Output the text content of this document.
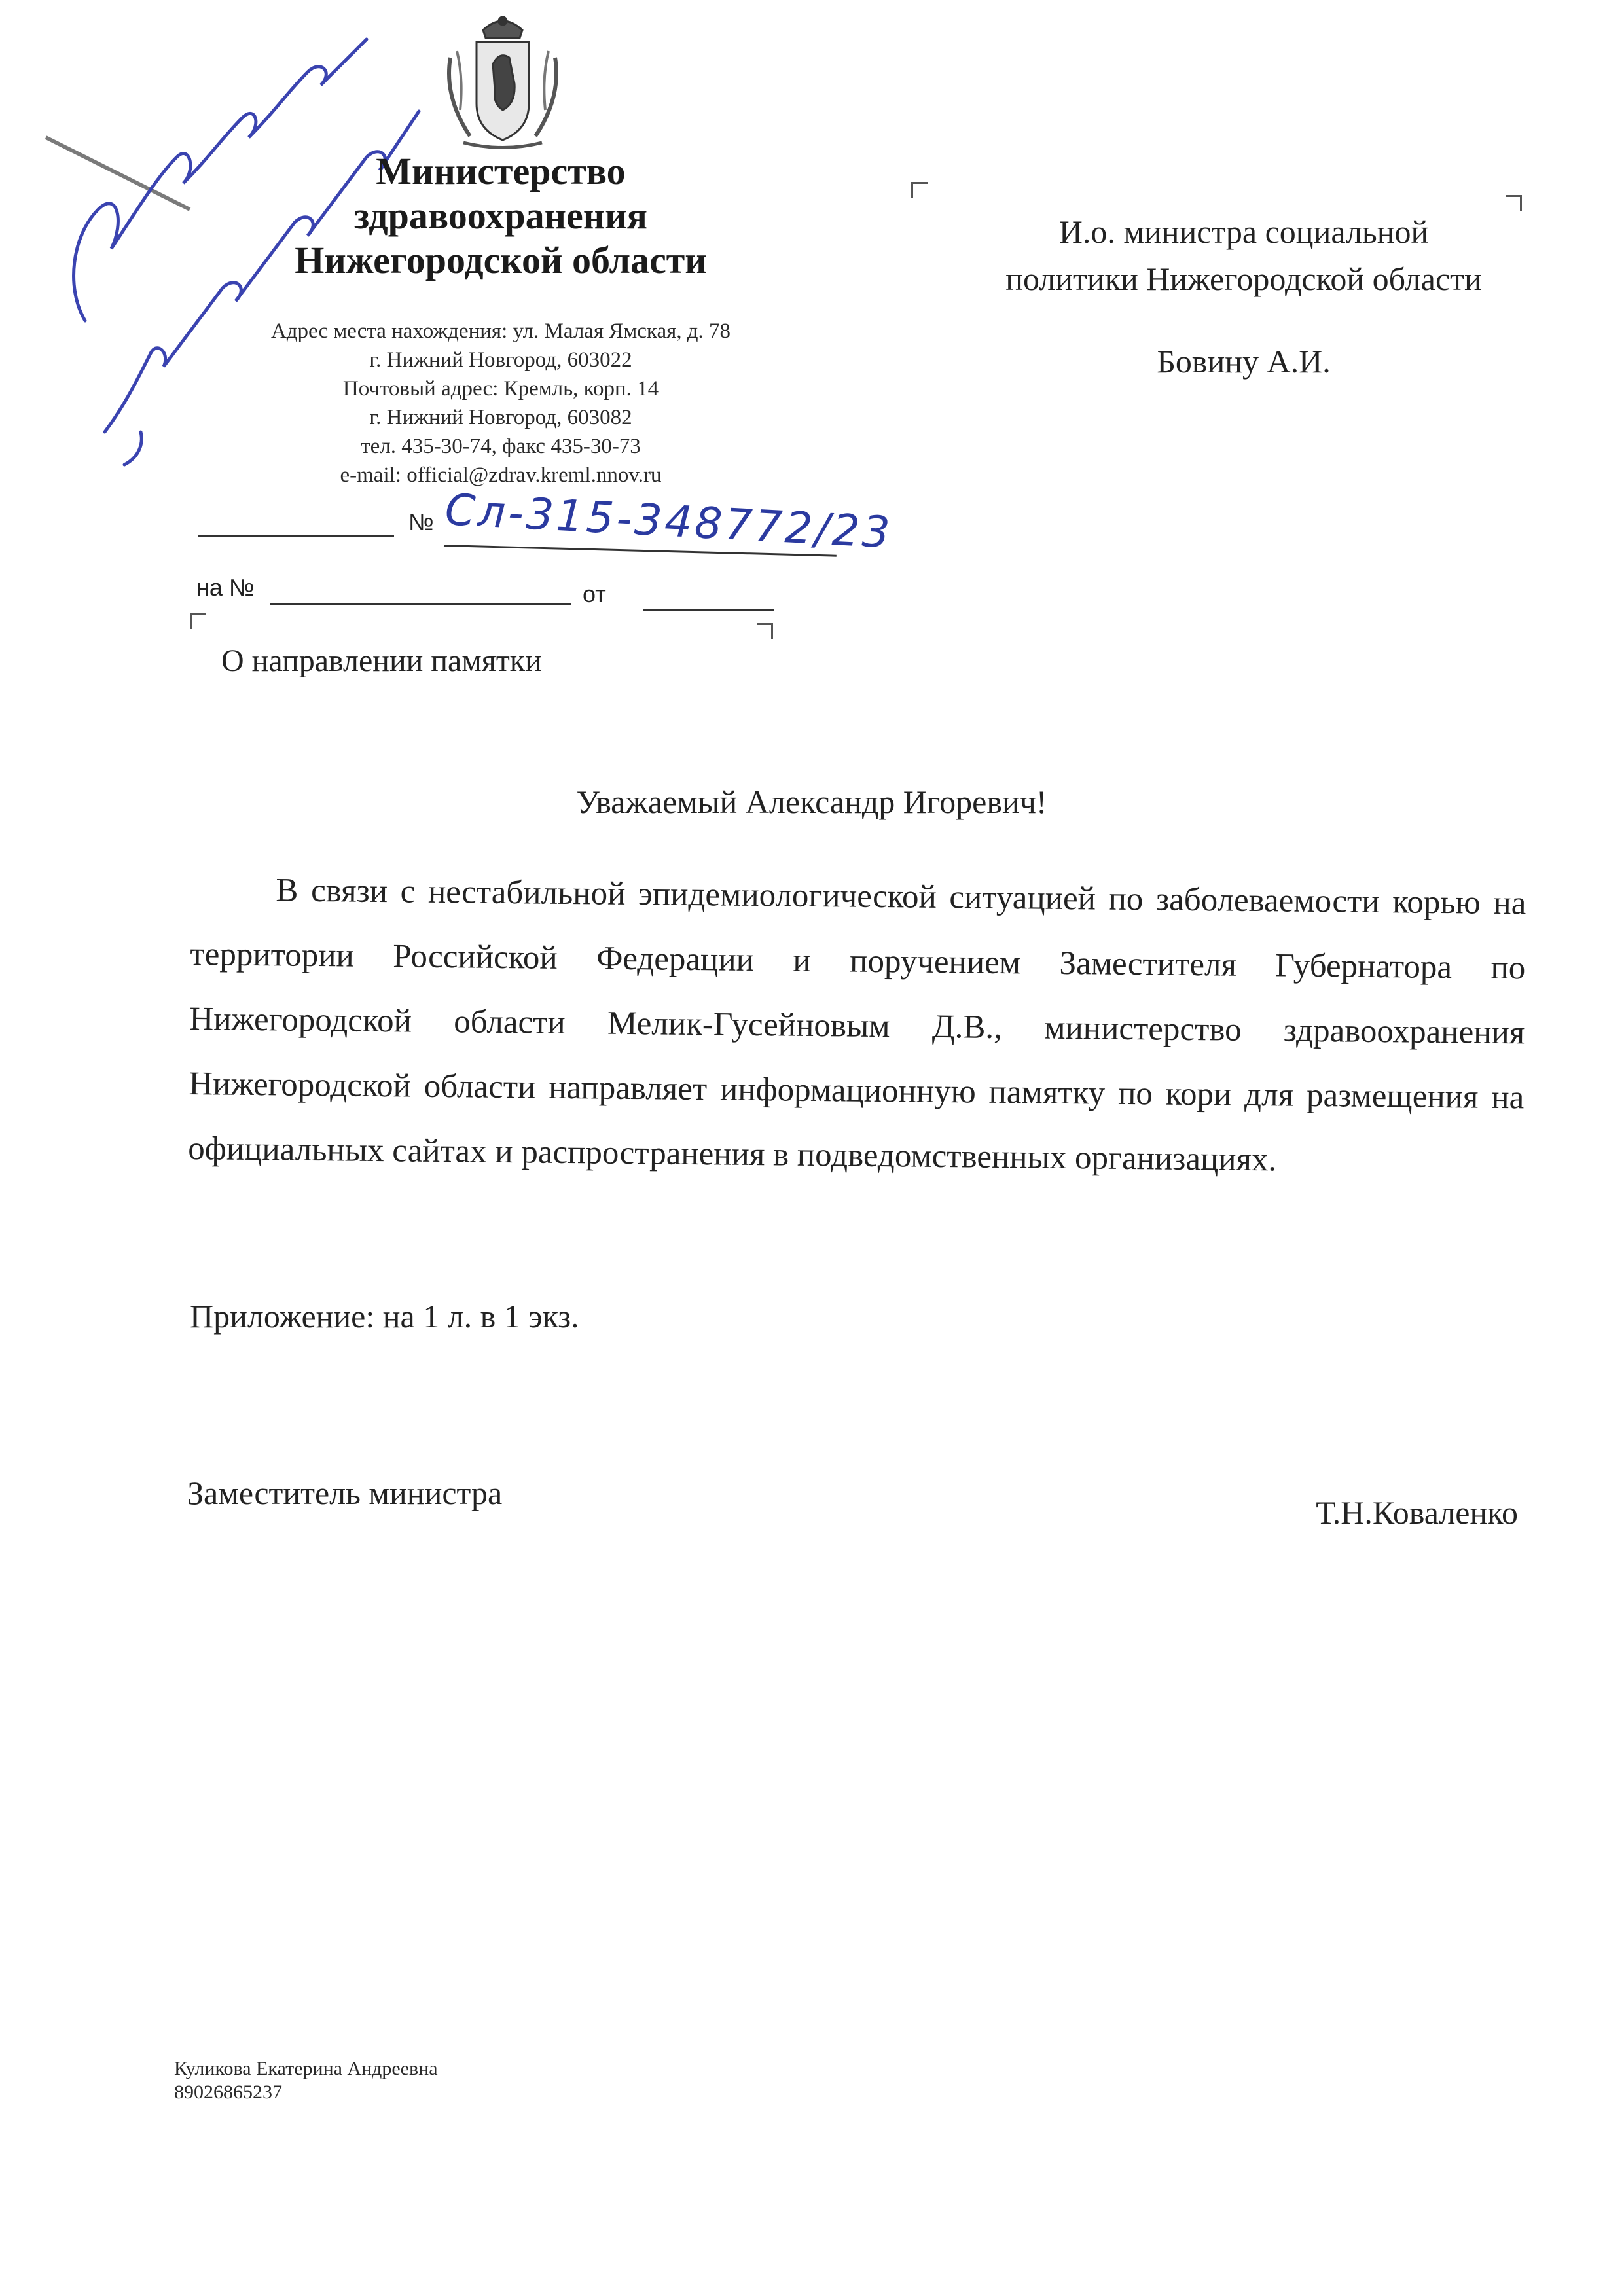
Министерство
здравоохранения
Нижегородской области
Адрес места нахождения: ул. Малая Ямская, д. 78
г. Нижний Новгород, 603022
Почтовый адрес: Кремль, корп. 14
г. Нижний Новгород, 603082
тел. 435-30-74, факс 435-30-73
e-mail: official@zdrav.kreml.nnov.ru
И.о. министра социальной
политики Нижегородской области
Бовину А.И.
№ Сл-315-348772/23
на №	от
О направлении памятки
Уважаемый Александр Игоревич!
В связи с нестабильной эпидемиологической ситуацией по заболеваемости корью на территории Российской Федерации и поручением Заместителя Губернатора по Нижегородской области Мелик-Гусейновым Д.В., министерство здравоохранения Нижегородской области направляет информационную памятку по кори для размещения на официальных сайтах и распространения в подведомственных организациях.
Приложение: на 1 л. в 1 экз.
Заместитель министра
Т.Н.Коваленко
Куликова Екатерина Андреевна
89026865237
